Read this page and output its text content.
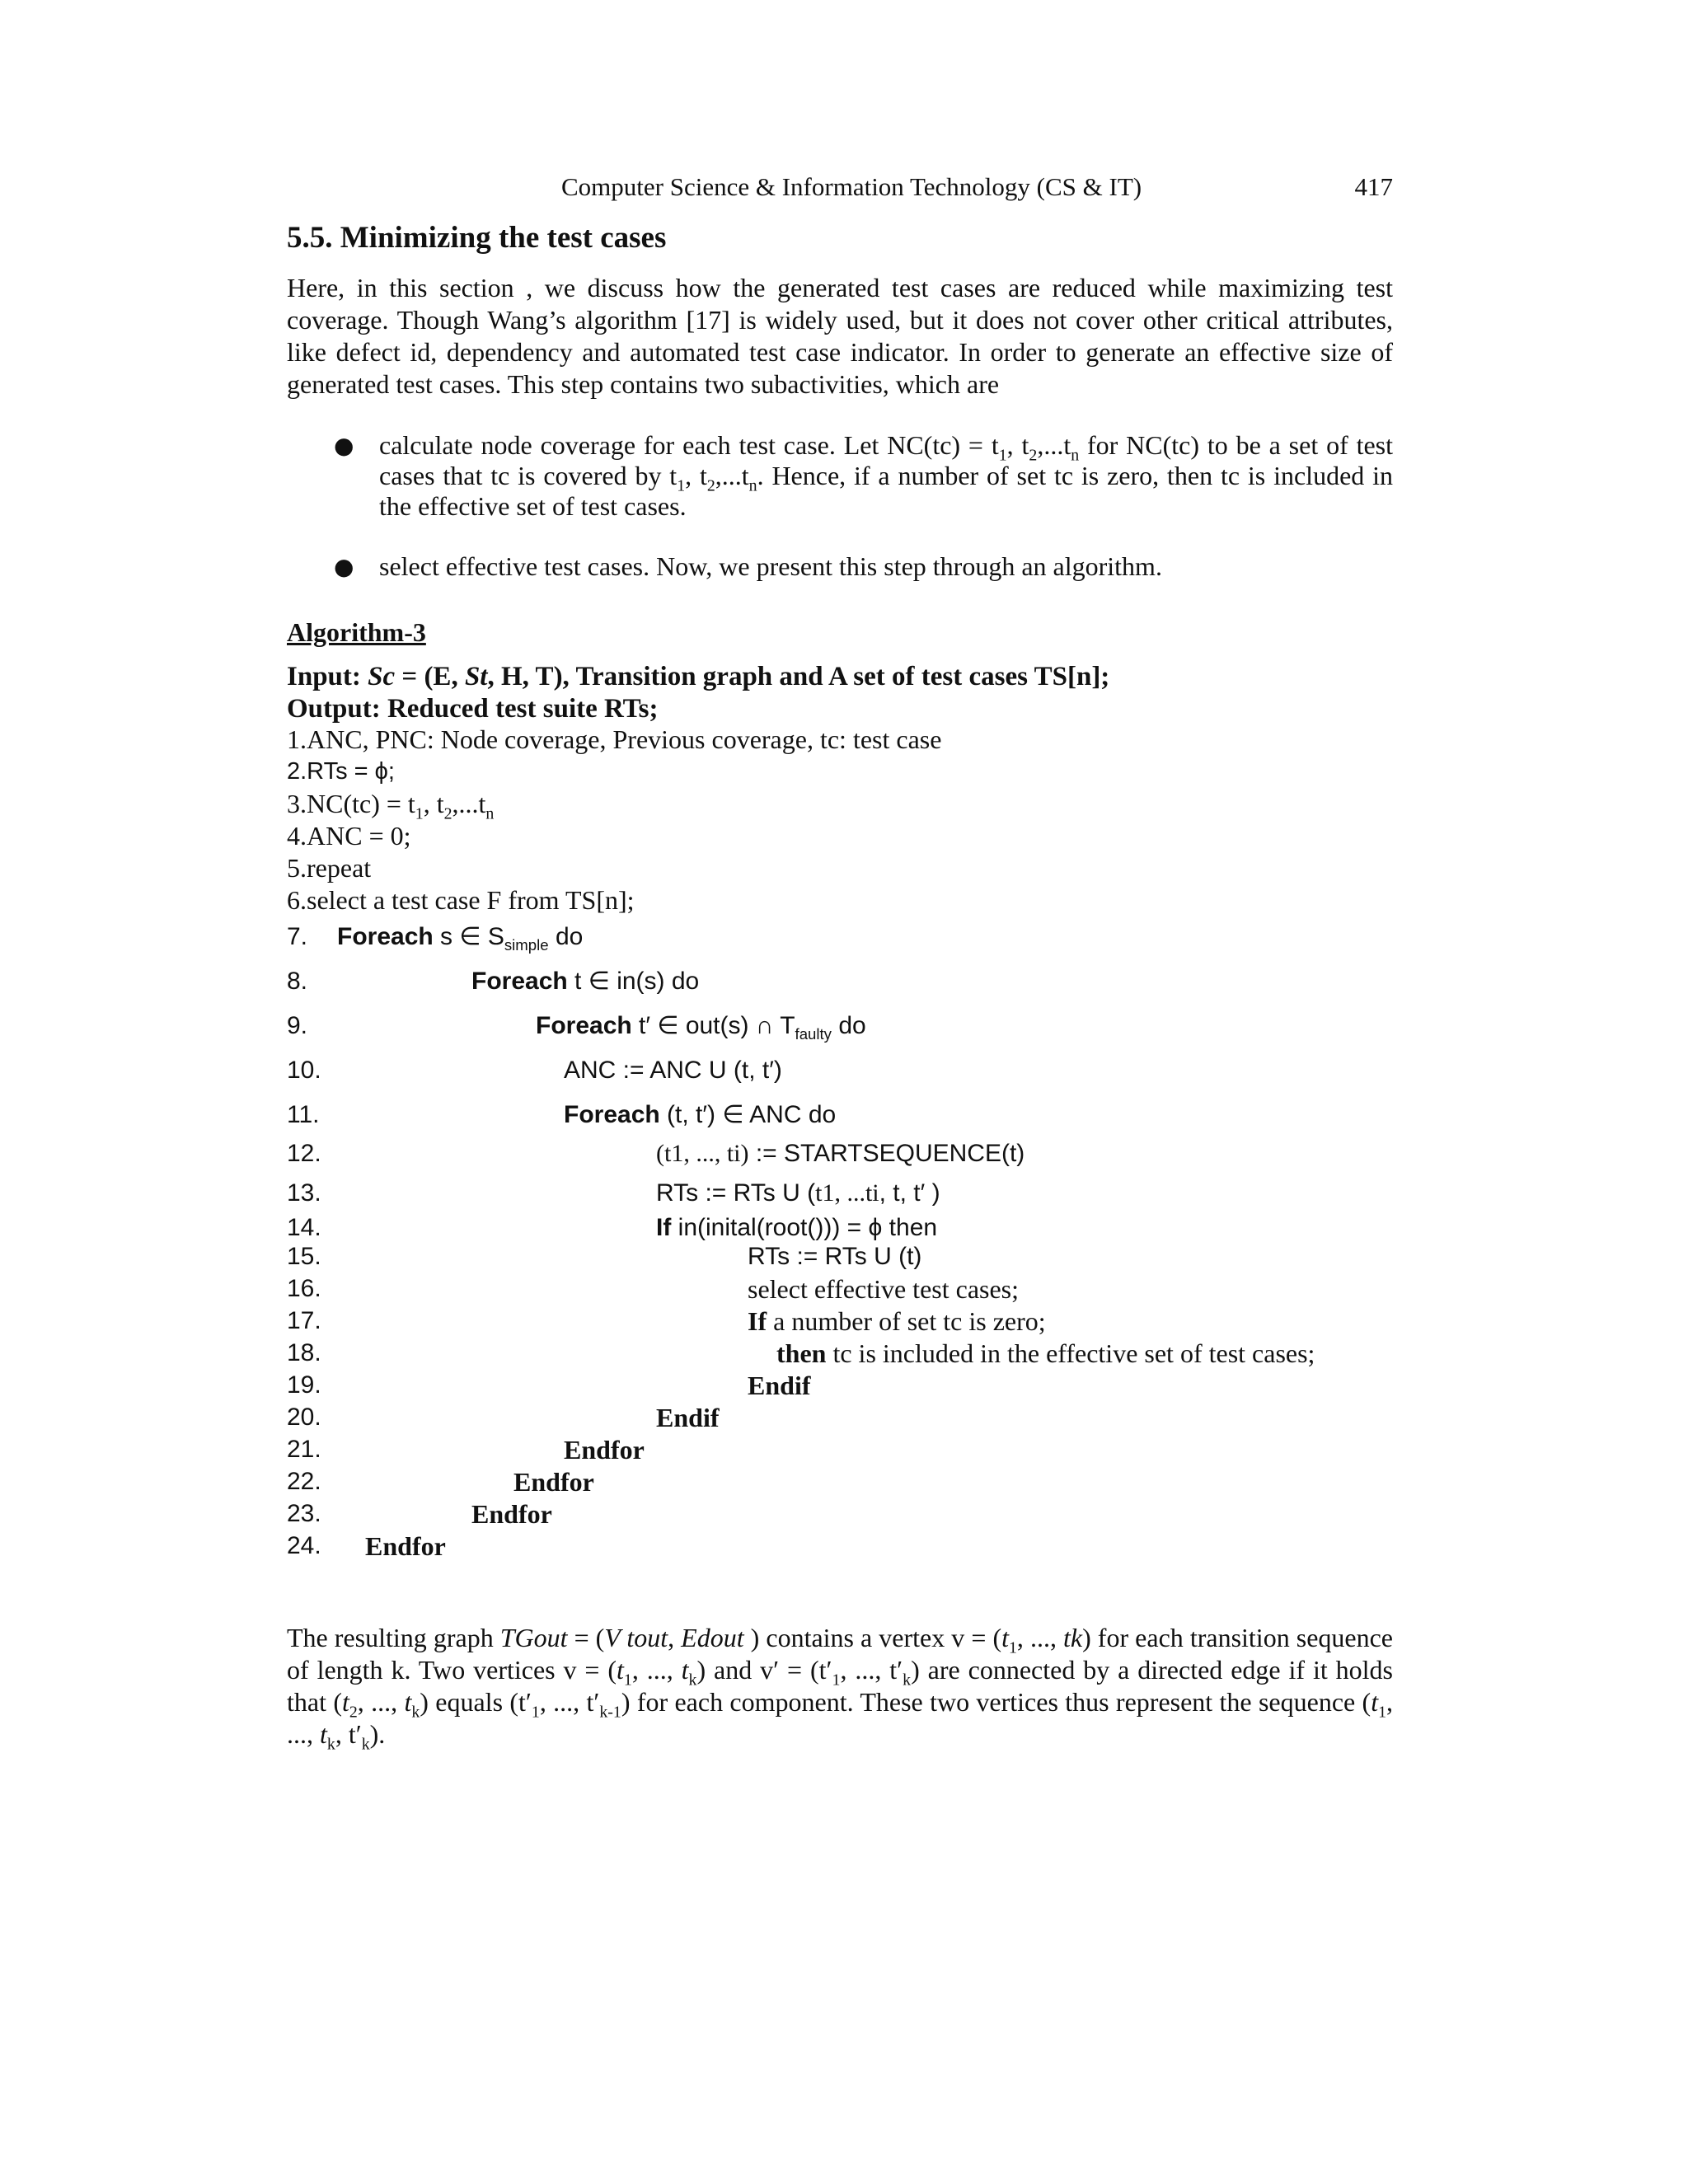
Computer Science & Information Technology (CS & IT)	417
5.5. Minimizing the test cases

Here, in this section , we discuss how the generated test cases are reduced while maximizing test coverage. Though Wang’s algorithm [17] is widely used, but it does not cover other critical attributes, like defect id, dependency and automated test case indicator. In order to generate an effective size of generated test cases. This step contains two subactivities, which are

● calculate node coverage for each test case. Let $NC(tc) = t_1$, $t_2,...t_n$ for NC(tc) to be a set of test cases that tc is covered by $t_1$, $t_2,...t_n$. Hence, if a number of set tc is zero, then tc is included in the effective set of test cases.
● select effective test cases. Now, we present this step through an algorithm.
Algorithm-3
Input: Sc = (E, St, H, T), Transition graph and A set of test cases TS[n];
Output: Reduced test suite RTs;
1.ANC, PNC: Node coverage, Previous coverage, tc: test case
2.RTs = ϕ;
$3.NC(tc) = t_1$, $t_2,...t_n$
4.ANC = 0;
5.repeat
6.select a test case F from TS[n];
7. Foreach s ∈ $S_{simple}$ do
8.	Foreach t ∈ in(s) do
9.	Foreach t′ ∈ out(s) ∩ $T_{faulty}$ do
10.	ANC := ANC U (t, t′)
11.	Foreach (t, t′) ∈ ANC do
12.	(t1, ..., ti) := STARTSEQUENCE(t)
13.	RTs := RTs U (t1, ...ti, t, t′ )
14.	If in(inital(root())) = ϕ then
15.	RTs := RTs U (t)
16.	select effective test cases;
17.	If a number of set tc is zero;
18.	then tc is included in the effective set of test cases;
19.	Endif
20.	Endif
21.	Endfor
22.	Endfor
23.	Endfor
24. Endfor

The resulting graph TGout = (V tout, Edout ) contains a vertex $v = (t_1$, ..., tk) for each transition sequence of length k. Two vertices $v = (t_1$, ..., $t_k$) and $v' = (t'_1$, ..., $t'_k$) are connected by a directed edge if it holds that ($t_2$, ..., $t_k$) equals ($t'_1$, ..., $t'_{k-1}$) for each component. These two vertices thus represent the sequence ($t_1$, ..., $t_k$, $t'_k$).
